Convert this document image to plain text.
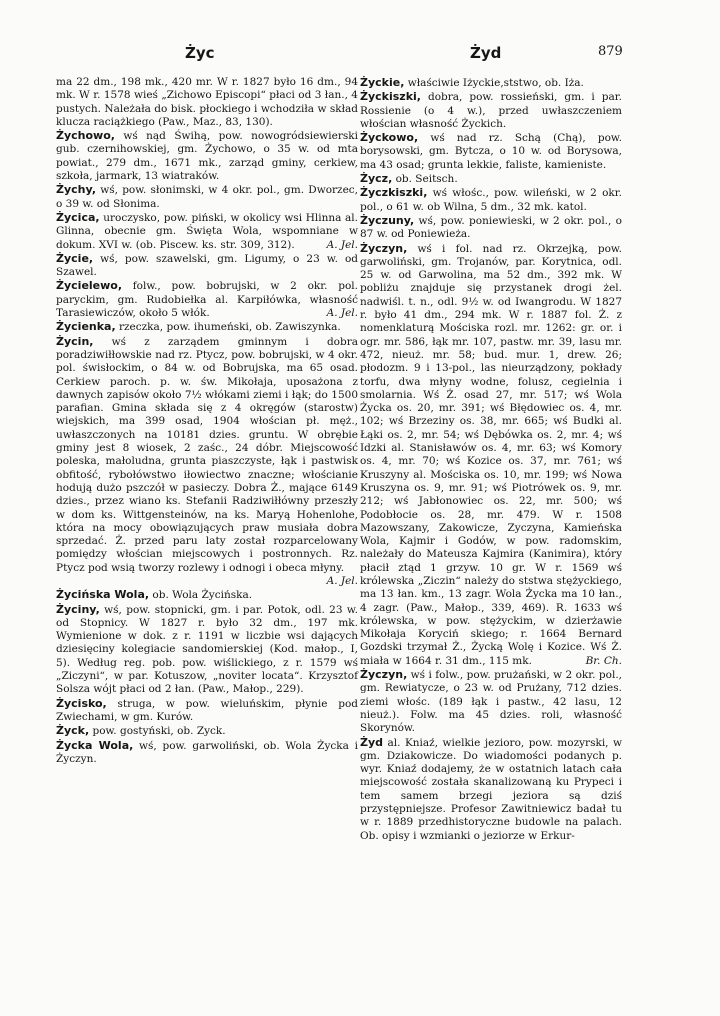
Życ	Żyd	879

ma 22 dm., 198 mk., 420 mr. W r. 1827 było 16 dm., 94 mk. W r. 1578 wieś „Zichowo Episcopi“ płaci od 3 łan., 4 pustych. Należała do bisk. płockiego i wchodziła w skład klucza raciążkiego (Paw., Maz., 83, 130).

Żychowo, wś nąd Świhą, pow. nowogródsiewierski gub. czernihowskiej, gm. Żychowo, o 35 w. od mta powiat., 279 dm., 1671 mk., zarząd gminy, cerkiew, szkoła, jarmark, 13 wiatraków.

Żychy, wś, pow. słonimski, w 4 okr. pol., gm. Dworzec, o 39 w. od Słonima.

Życica, uroczysko, pow. piński, w okolicy wsi Hlinna al. Glinna, obecnie gm. Święta Wola, wspomniane w dokum. XVI w. (ob. Piscew. ks. str. 309, 312).	A. Jel.

Życie, wś, pow. szawelski, gm. Ligumy, o 23 w. od Szawel.

Życielewo, folw., pow. bobrujski, w 2 okr. pol. paryckim, gm. Rudobiełka al. Karpiłówka, własność Tarasiewiczów, około 5 włók.	A. Jel.

Życienka, rzeczka, pow. ihumeński, ob. Zawiszynka.

Życin, wś z zarządem gminnym i dobra poradziwiłłowskie nad rz. Ptycz, pow. bobrujski, w 4 okr. pol. świsłockim, o 84 w. od Bobrujska, ma 65 osad. Cerkiew paroch. p. w. św. Mikołaja, uposażona z dawnych zapisów około 7½ włókami ziemi i łąk; do 1500 parafian. Gmina składa się z 4 okręgów (starostw) wiejskich, ma 399 osad, 1904 włościan pł. męż., uwłaszczonych na 10181 dzies. gruntu. W obrębie gminy jest 8 wiosek, 2 zaśc., 24 dóbr. Miejscowość poleska, małoludna, grunta piaszczyste, łąk i pastwisk obfitość, rybołówstwo iłowiectwo znaczne; włościanie hodują dużo pszczół w pasieczy. Dobra Ż., mające 6149 dzies., przez wiano ks. Stefanii Radziwiłłówny przeszły w dom ks. Wittgensteinów, na ks. Maryą Hohenlohe, która na mocy obowiązujących praw musiała dobra sprzedać. Ż. przed paru laty został rozparcelowany pomiędzy włościan miejscowych i postronnych. Rz. Ptycz pod wsią tworzy rozlewy i odnogi i obeca młyny.
A. Jel.

Życińska Wola, ob. Wola Życińska.

Życiny, wś, pow. stopnicki, gm. i par. Potok, odl. 23 w. od Stopnicy. W 1827 r. było 32 dm., 197 mk. Wymienione w dok. z r. 1191 w liczbie wsi dających dziesięciny kolegiacie sandomierskiej (Kod. małop., I, 5). Według reg. pob. pow. wiślickiego, z r. 1579 wś „Ziczyni“, w par. Kotuszow, „noviter locata“. Krzysztof Solsza wójt płaci od 2 łan. (Paw., Małop., 229).

Życisko, struga, w pow. wieluńskim, płynie pod Zwiechami, w gm. Kurów.

Życk, pow. gostyński, ob. Zyck.

Życka Wola, wś, pow. garwoliński, ob. Wola Życka i Życzyn.

Życkie, właściwie Iżyckie,ststwo, ob. Iża.

Życkiszki, dobra, pow. rossieński, gm. i par. Rossienie (o 4 w.), przed uwłaszczeniem włościan własność Życkich.

Życkowo, wś nad rz. Schą (Chą), pow. borysowski, gm. Bytcza, o 10 w. od Borysowa, ma 43 osad; grunta lekkie, faliste, kamieniste.

Życz, ob. Seitsch.

Życzkiszki, wś włośc., pow. wileński, w 2 okr. pol., o 61 w. ob Wilna, 5 dm., 32 mk. katol.

Życzuny, wś, pow. poniewieski, w 2 okr. pol., o 87 w. od Poniewieża.

Życzyn, wś i fol. nad rz. Okrzejką, pow. garwoliński, gm. Trojanów, par. Korytnica, odl. 25 w. od Garwolina, ma 52 dm., 392 mk. W pobliżu znajduje się przystanek drogi żel. nadwiśl. t. n., odl. 9½ w. od Iwangrodu. W 1827 r. było 41 dm., 294 mk. W r. 1887 fol. Ż. z nomenklaturą Mościska rozl. mr. 1262: gr. or. i ogr. mr. 586, łąk mr. 107, pastw. mr. 39, lasu mr. 472, nieuż. mr. 58; bud. mur. 1, drew. 26; płodozm. 9 i 13-pol., las nieurządzony, pokłady torfu, dwa młyny wodne, folusz, cegielnia i smolarnia. Wś Ż. osad 27, mr. 517; wś Wola Życka os. 20, mr. 391; wś Błędowiec os. 4, mr. 102; wś Brzeziny os. 38, mr. 665; wś Budki al. Łąki os. 2, mr. 54; wś Dębówka os. 2, mr. 4; wś Idzki al. Stanisławów os. 4, mr. 63; wś Komory os. 4, mr. 70; wś Kozice os. 37, mr. 761; wś Kruszyny al. Mościska os. 10, mr. 199; wś Nowa Kruszyna os. 9, mr. 91; wś Piotrówek os. 9, mr. 212; wś Jabłonowiec os. 22, mr. 500; wś Podobłocie os. 28, mr. 479. W r. 1508 Mazowszany, Zakowicze, Zyczyna, Kamieńska Wola, Kajmir i Godów, w pow. radomskim, należały do Mateusza Kajmira (Kanimira), który płacił ztąd 1 grzyw. 10 gr. W r. 1569 wś królewska „Ziczin“ należy do ststwa stężyckiego, ma 13 łan. km., 13 zagr. Wola Życka ma 10 łan., 4 zagr. (Paw., Małop., 339, 469). R. 1633 wś królewska, w pow. stężyckim, w dzierżawie Mikołaja Koryciń skiego; r. 1664 Bernard Gozdski trzymał Ż., Życką Wolę i Kozice. Wś Ż. miała w 1664 r. 31 dm., 115 mk.	Br. Ch.

Życzyn, wś i folw., pow. prużański, w 2 okr. pol., gm. Rewiatycze, o 23 w. od Prużany, 712 dzies. ziemi włośc. (189 łąk i pastw., 42 lasu, 12 nieuż.). Folw. ma 45 dzies. roli, własność Skorynów.

Żyd al. Kniaź, wielkie jezioro, pow. mozyrski, w gm. Dziakowicze. Do wiadomości podanych p. wyr. Kniaź dodajemy, że w ostatnich latach cała miejscowość została skanalizowaną ku Prypeci i tem samem brzegi jeziora są dziś przystępniejsze. Profesor Zawitniewicz badał tu w r. 1889 przedhistoryczne budowle na palach. Ob. opisy i wzmianki o jeziorze w Erkur-
